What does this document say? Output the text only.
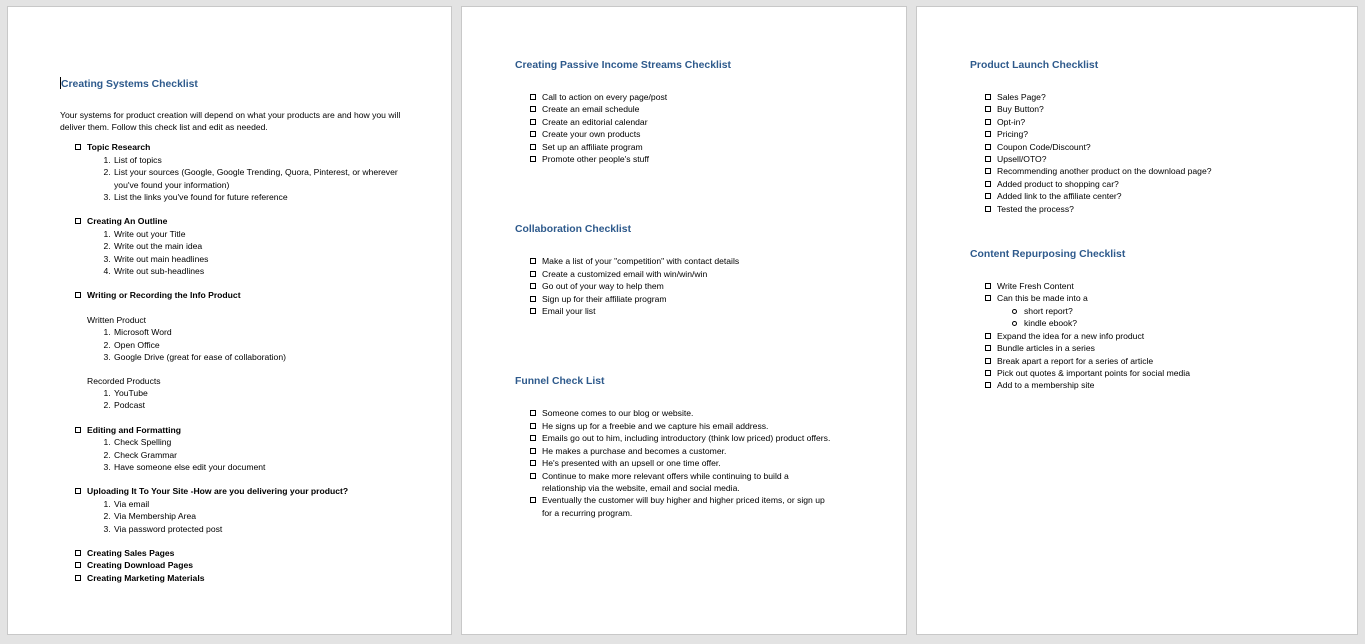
Creating Systems Checklist

Your systems for product creation will depend on what your products are and how you will deliver them. Follow this check list and edit as needed.

Topic Research
1. List of topics
2. List your sources (Google, Google Trending, Quora, Pinterest, or wherever you've found your information)
3. List the links you've found for future reference
Creating An Outline
1. Write out your Title
2. Write out the main idea
3. Write out main headlines
4. Write out sub-headlines
Writing or Recording the Info Product
Written Product
1. Microsoft Word
2. Open Office
3. Google Drive (great for ease of collaboration)
Recorded Products
1. YouTube
2. Podcast
Editing and Formatting
1. Check Spelling
2. Check Grammar
3. Have someone else edit your document
Uploading It To Your Site -How are you delivering your product?
1. Via email
2. Via Membership Area
3. Via password protected post
Creating Sales Pages
Creating Download Pages
Creating Marketing Materials

Creating Passive Income Streams Checklist

Call to action on every page/post
Create an email schedule
Create an editorial calendar
Create your own products
Set up an affiliate program
Promote other people's stuff

Collaboration Checklist

Make a list of your "competition" with contact details
Create a customized email with win/win/win
Go out of your way to help them
Sign up for their affiliate program
Email your list

Funnel Check List

Someone comes to our blog or website.
He signs up for a freebie and we capture his email address.
Emails go out to him, including introductory (think low priced) product offers.
He makes a purchase and becomes a customer.
He's presented with an upsell or one time offer.
Continue to make more relevant offers while continuing to build a relationship via the website, email and social media.
Eventually the customer will buy higher and higher priced items, or sign up for a recurring program.

Product Launch Checklist

Sales Page?
Buy Button?
Opt-in?
Pricing?
Coupon Code/Discount?
Upsell/OTO?
Recommending another product on the download page?
Added product to shopping car?
Added link to the affiliate center?
Tested the process?

Content Repurposing Checklist

Write Fresh Content
Can this be made into a
short report?
kindle ebook?
Expand the idea for a new info product
Bundle articles in a series
Break apart a report for a series of article
Pick out quotes & important points for social media
Add to a membership site
